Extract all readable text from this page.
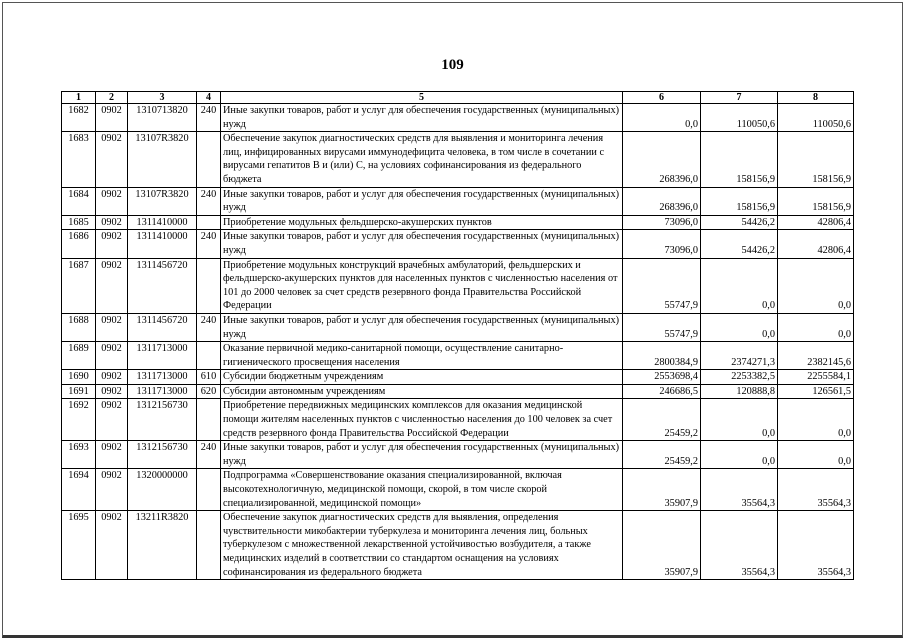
109
1	2	3	4	5	6	7	8
1682	0902	1310713820	240	Иные закупки товаров, работ и услуг для обеспечения государственных (муниципальных) нужд	0,0	110050,6	110050,6
1683	0902	13107R3820		Обеспечение закупок диагностических средств для выявления и мониторинга лечения лиц, инфицированных вирусами иммунодефицита человека, в том числе в сочетании с вирусами гепатитов В и (или) С, на условиях софинансирования из федерального бюджета	268396,0	158156,9	158156,9
1684	0902	13107R3820	240	Иные закупки товаров, работ и услуг для обеспечения государственных (муниципальных) нужд	268396,0	158156,9	158156,9
1685	0902	1311410000		Приобретение модульных фельдшерско-акушерских пунктов	73096,0	54426,2	42806,4
1686	0902	1311410000	240	Иные закупки товаров, работ и услуг для обеспечения государственных (муниципальных) нужд	73096,0	54426,2	42806,4
1687	0902	1311456720		Приобретение модульных конструкций врачебных амбулаторий, фельдшерских и фельдшерско-акушерских пунктов для населенных пунктов с численностью населения от 101 до 2000 человек за счет средств резервного фонда Правительства Российской Федерации	55747,9	0,0	0,0
1688	0902	1311456720	240	Иные закупки товаров, работ и услуг для обеспечения государственных (муниципальных) нужд	55747,9	0,0	0,0
1689	0902	1311713000		Оказание первичной медико-санитарной помощи, осуществление санитарно-гигиенического просвещения населения	2800384,9	2374271,3	2382145,6
1690	0902	1311713000	610	Субсидии бюджетным учреждениям	2553698,4	2253382,5	2255584,1
1691	0902	1311713000	620	Субсидии автономным учреждениям	246686,5	120888,8	126561,5
1692	0902	1312156730		Приобретение передвижных медицинских комплексов для оказания медицинской помощи жителям населенных пунктов с численностью населения до 100 человек за счет средств резервного фонда Правительства Российской Федерации	25459,2	0,0	0,0
1693	0902	1312156730	240	Иные закупки товаров, работ и услуг для обеспечения государственных (муниципальных) нужд	25459,2	0,0	0,0
1694	0902	1320000000		Подпрограмма «Совершенствование оказания специализированной, включая высокотехнологичную, медицинской помощи, скорой, в том числе скорой специализированной, медицинской помощи»	35907,9	35564,3	35564,3
1695	0902	13211R3820		Обеспечение закупок диагностических средств для выявления, определения чувствительности микобактерии туберкулеза и мониторинга лечения лиц, больных туберкулезом с множественной лекарственной устойчивостью возбудителя, а также медицинских изделий в соответствии со стандартом оснащения на условиях софинансирования из федерального бюджета	35907,9	35564,3	35564,3
